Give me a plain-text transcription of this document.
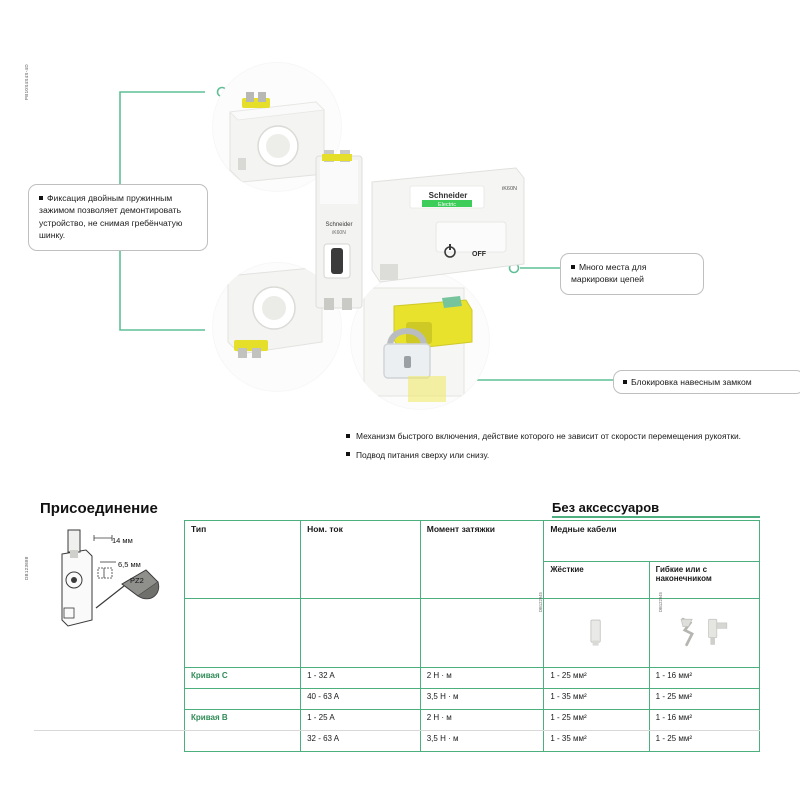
PB10S4S4S-4D
DB123688
Schneider
iK60N
Schneider
Electric
iK60N
OFF
Фиксация двойным пружинным зажимом позволяет демонтировать устройство, не снимая гребёнчатую шинку.
Много места для маркировки цепей
Блокировка навесным замком
Механизм быстрого включения, действие которого не зависит от скорости перемещения рукоятки.
Подвод питания сверху или снизу.
Присоединение	Без аксессуаров
14 мм
6,5 мм
PZ2
Тип	Ном. ток	Момент затяжки	Медные кабели	
			Жёсткие	Гибкие или с наконечником

Кривая С	1 - 32 A	2 Н · м	1 - 25 мм²	1 - 16 мм²
	40 - 63 A	3,5 Н · м	1 - 35 мм²	1 - 25 мм²
Кривая В	1 - 25 A	2 Н · м	1 - 25 мм²	1 - 16 мм²
	32 - 63 A	3,5 Н · м	1 - 35 мм²	1 - 25 мм²
DB122945	DB122945
